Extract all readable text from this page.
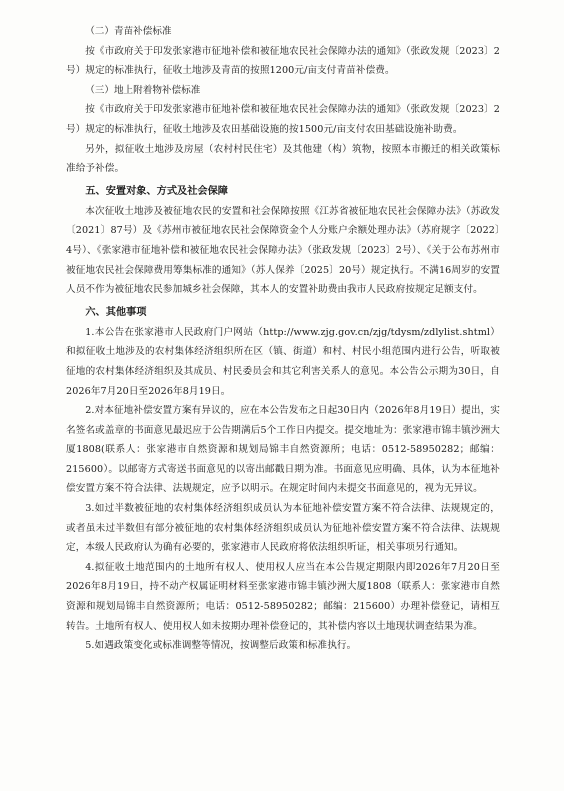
（二）青苗补偿标准

按《市政府关于印发张家港市征地补偿和被征地农民社会保障办法的通知》（张政发规〔2023〕2号）规定的标准执行，征收土地涉及青苗的按照1200元/亩支付青苗补偿费。

（三）地上附着物补偿标准

按《市政府关于印发张家港市征地补偿和被征地农民社会保障办法的通知》（张政发规〔2023〕2号）规定的标准执行，征收土地涉及农田基础设施的按1500元/亩支付农田基础设施补助费。

另外，拟征收土地涉及房屋（农村村民住宅）及其他建（构）筑物，按照本市搬迁的相关政策标准给予补偿。

五、安置对象、方式及社会保障

本次征收土地涉及被征地农民的安置和社会保障按照《江苏省被征地农民社会保障办法》（苏政发〔2021〕87号）及《苏州市被征地农民社会保障资金个人分账户余额处理办法》（苏府规字〔2022〕4号）、《张家港市征地补偿和被征地农民社会保障办法》（张政发规〔2023〕2号）、《关于公布苏州市被征地农民社会保障费用筹集标准的通知》（苏人保养〔2025〕20号）规定执行。不满16周岁的安置人员不作为被征地农民参加城乡社会保障，其本人的安置补助费由我市人民政府按规定足额支付。

六、其他事项

1.本公告在张家港市人民政府门户网站（http://www.zjg.gov.cn/zjg/tdysm/zdlylist.shtml）和拟征收土地涉及的农村集体经济组织所在区（镇、街道）和村、村民小组范围内进行公告，听取被征地的农村集体经济组织及其成员、村民委员会和其它利害关系人的意见。本公告公示期为30日，自2026年7月20日至2026年8月19日。

2.对本征地补偿安置方案有异议的，应在本公告发布之日起30日内（2026年8月19日）提出，实名签名或盖章的书面意见最迟应于公告期满后5个工作日内提交。提交地址为：张家港市锦丰镇沙洲大厦1808(联系人：张家港市自然资源和规划局锦丰自然资源所；电话：0512-58950282；邮编：215600）。以邮寄方式寄送书面意见的以寄出邮戳日期为准。书面意见应明确、具体，认为本征地补偿安置方案不符合法律、法规规定，应予以明示。在规定时间内未提交书面意见的，视为无异议。

3.如过半数被征地的农村集体经济组织成员认为本征地补偿安置方案不符合法律、法规规定的，或者虽未过半数但有部分被征地的农村集体经济组织成员认为征地补偿安置方案不符合法律、法规规定，本级人民政府认为确有必要的，张家港市人民政府将依法组织听证，相关事项另行通知。

4.拟征收土地范围内的土地所有权人、使用权人应当在本公告规定期限内即2026年7月20日至2026年8月19日，持不动产权属证明材料至张家港市锦丰镇沙洲大厦1808（联系人：张家港市自然资源和规划局锦丰自然资源所；电话：0512-58950282；邮编：215600）办理补偿登记，请相互转告。土地所有权人、使用权人如未按期办理补偿登记的，其补偿内容以土地现状调查结果为准。

5.如遇政策变化或标准调整等情况，按调整后政策和标准执行。
